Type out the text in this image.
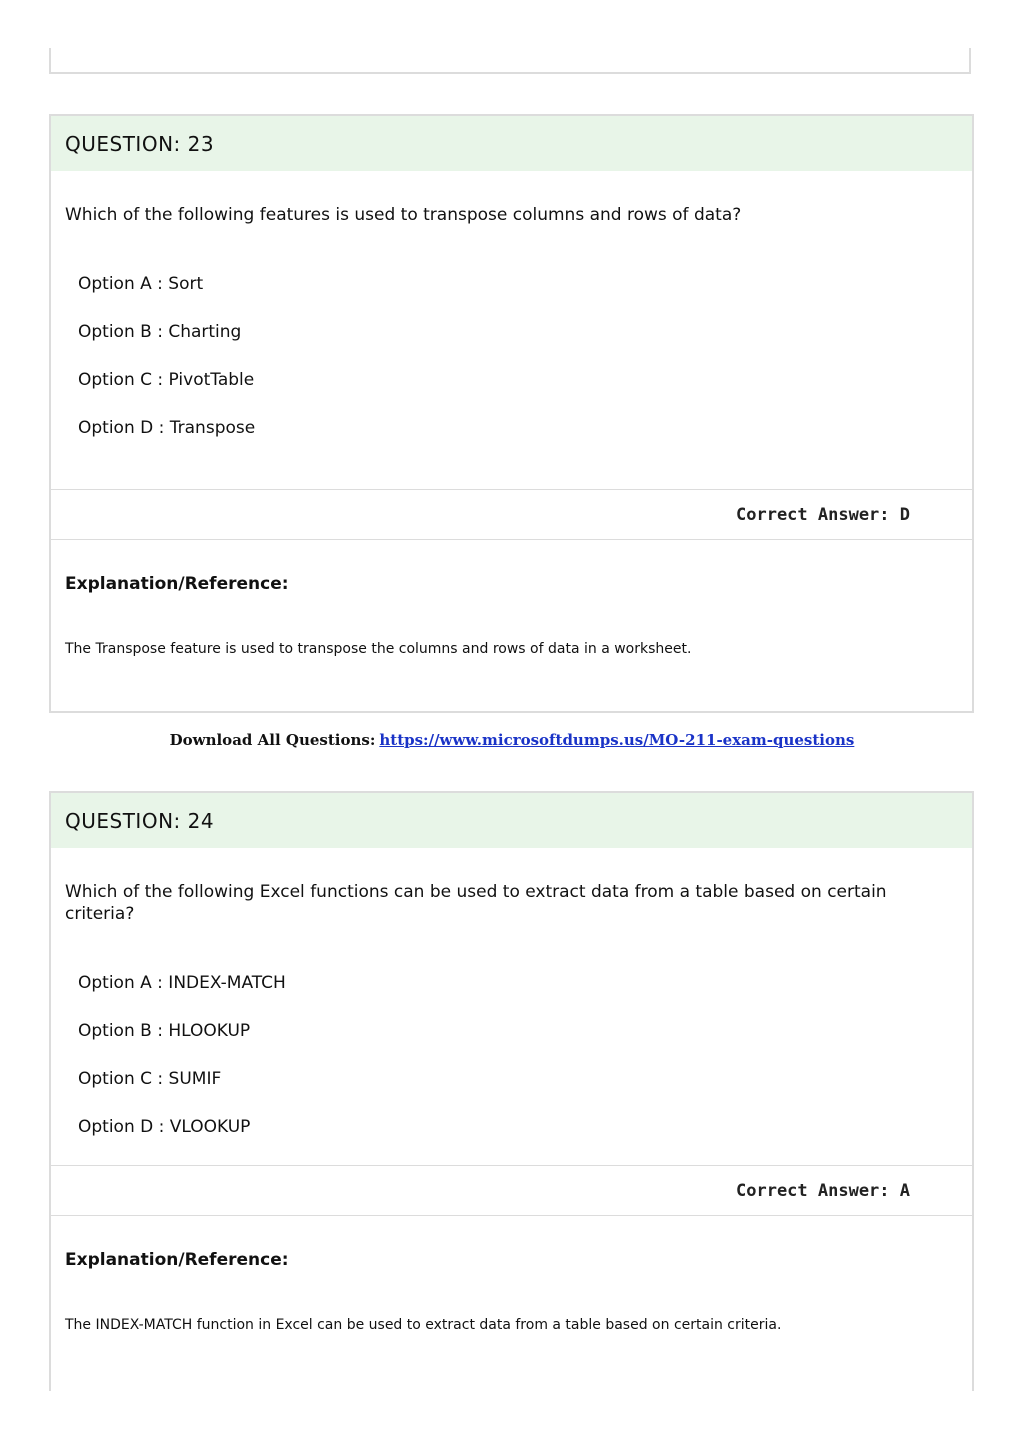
QUESTION: 23

Which of the following features is used to transpose columns and rows of data?

Option A : Sort
Option B : Charting
Option C : PivotTable
Option D : Transpose
Correct Answer: D

Explanation/Reference:

The Transpose feature is used to transpose the columns and rows of data in a worksheet.

Download All Questions: https://www.microsoftdumps.us/MO-211-exam-questions
QUESTION: 24

Which of the following Excel functions can be used to extract data from a table based on certain criteria?

Option A : INDEX-MATCH
Option B : HLOOKUP
Option C : SUMIF
Option D : VLOOKUP
Correct Answer: A

Explanation/Reference:

The INDEX-MATCH function in Excel can be used to extract data from a table based on certain criteria.
